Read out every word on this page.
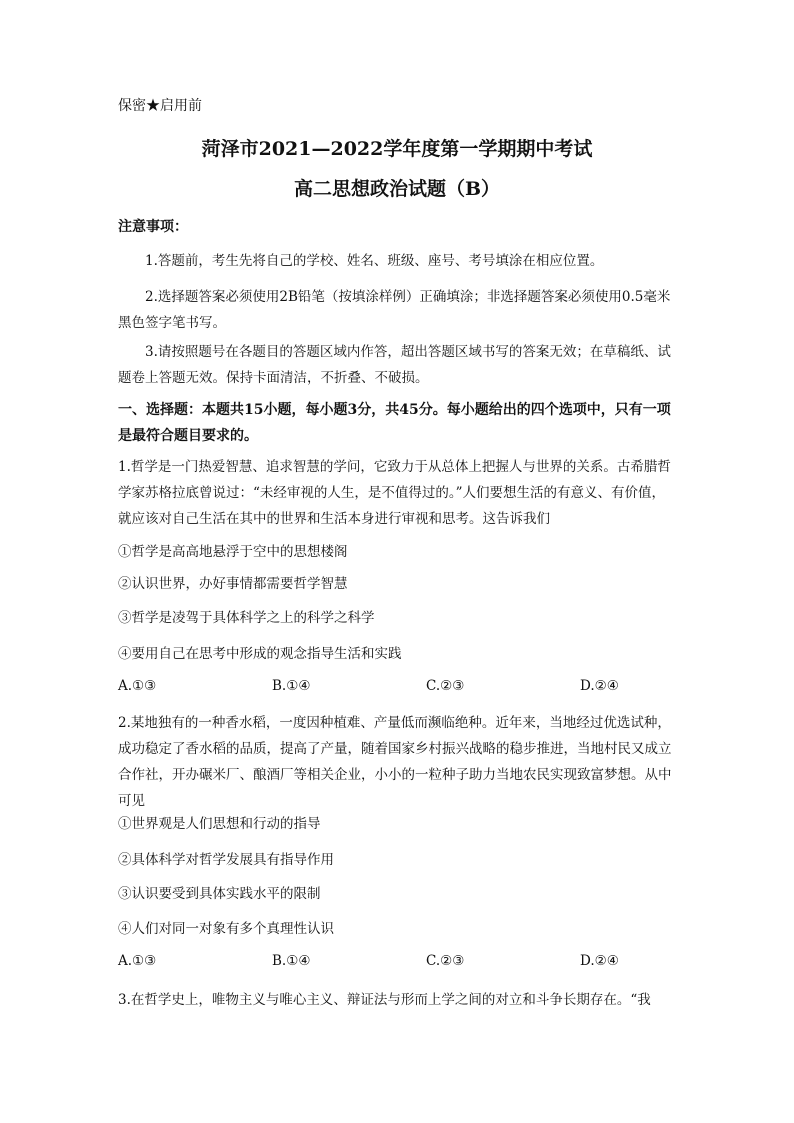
保密★启用前
菏泽市2021—2022学年度第一学期期中考试
高二思想政治试题（B）
注意事项：
1.答题前，考生先将自己的学校、姓名、班级、座号、考号填涂在相应位置。
2.选择题答案必须使用2B铅笔（按填涂样例）正确填涂；非选择题答案必须使用0.5毫米黑色签字笔书写。
3.请按照题号在各题目的答题区域内作答，超出答题区域书写的答案无效；在草稿纸、试题卷上答题无效。保持卡面清洁，不折叠、不破损。
一、选择题：本题共15小题，每小题3分，共45分。每小题给出的四个选项中，只有一项是最符合题目要求的。
1.哲学是一门热爱智慧、追求智慧的学问，它致力于从总体上把握人与世界的关系。古希腊哲学家苏格拉底曾说过：“未经审视的人生，是不值得过的。”人们要想生活的有意义、有价值，就应该对自己生活在其中的世界和生活本身进行审视和思考。这告诉我们
①哲学是高高地悬浮于空中的思想楼阁
②认识世界，办好事情都需要哲学智慧
③哲学是凌驾于具体科学之上的科学之科学
④要用自己在思考中形成的观念指导生活和实践
A.①③	B.①④	C.②③	D.②④
2.某地独有的一种香水稻，一度因种植难、产量低而濒临绝种。近年来，当地经过优选试种，成功稳定了香水稻的品质，提高了产量，随着国家乡村振兴战略的稳步推进，当地村民又成立合作社，开办碾米厂、酿酒厂等相关企业，小小的一粒种子助力当地农民实现致富梦想。从中可见
①世界观是人们思想和行动的指导
②具体科学对哲学发展具有指导作用
③认识要受到具体实践水平的限制
④人们对同一对象有多个真理性认识
A.①③	B.①④	C.②③	D.②④
3.在哲学史上，唯物主义与唯心主义、辩证法与形而上学之间的对立和斗争长期存在。“我
